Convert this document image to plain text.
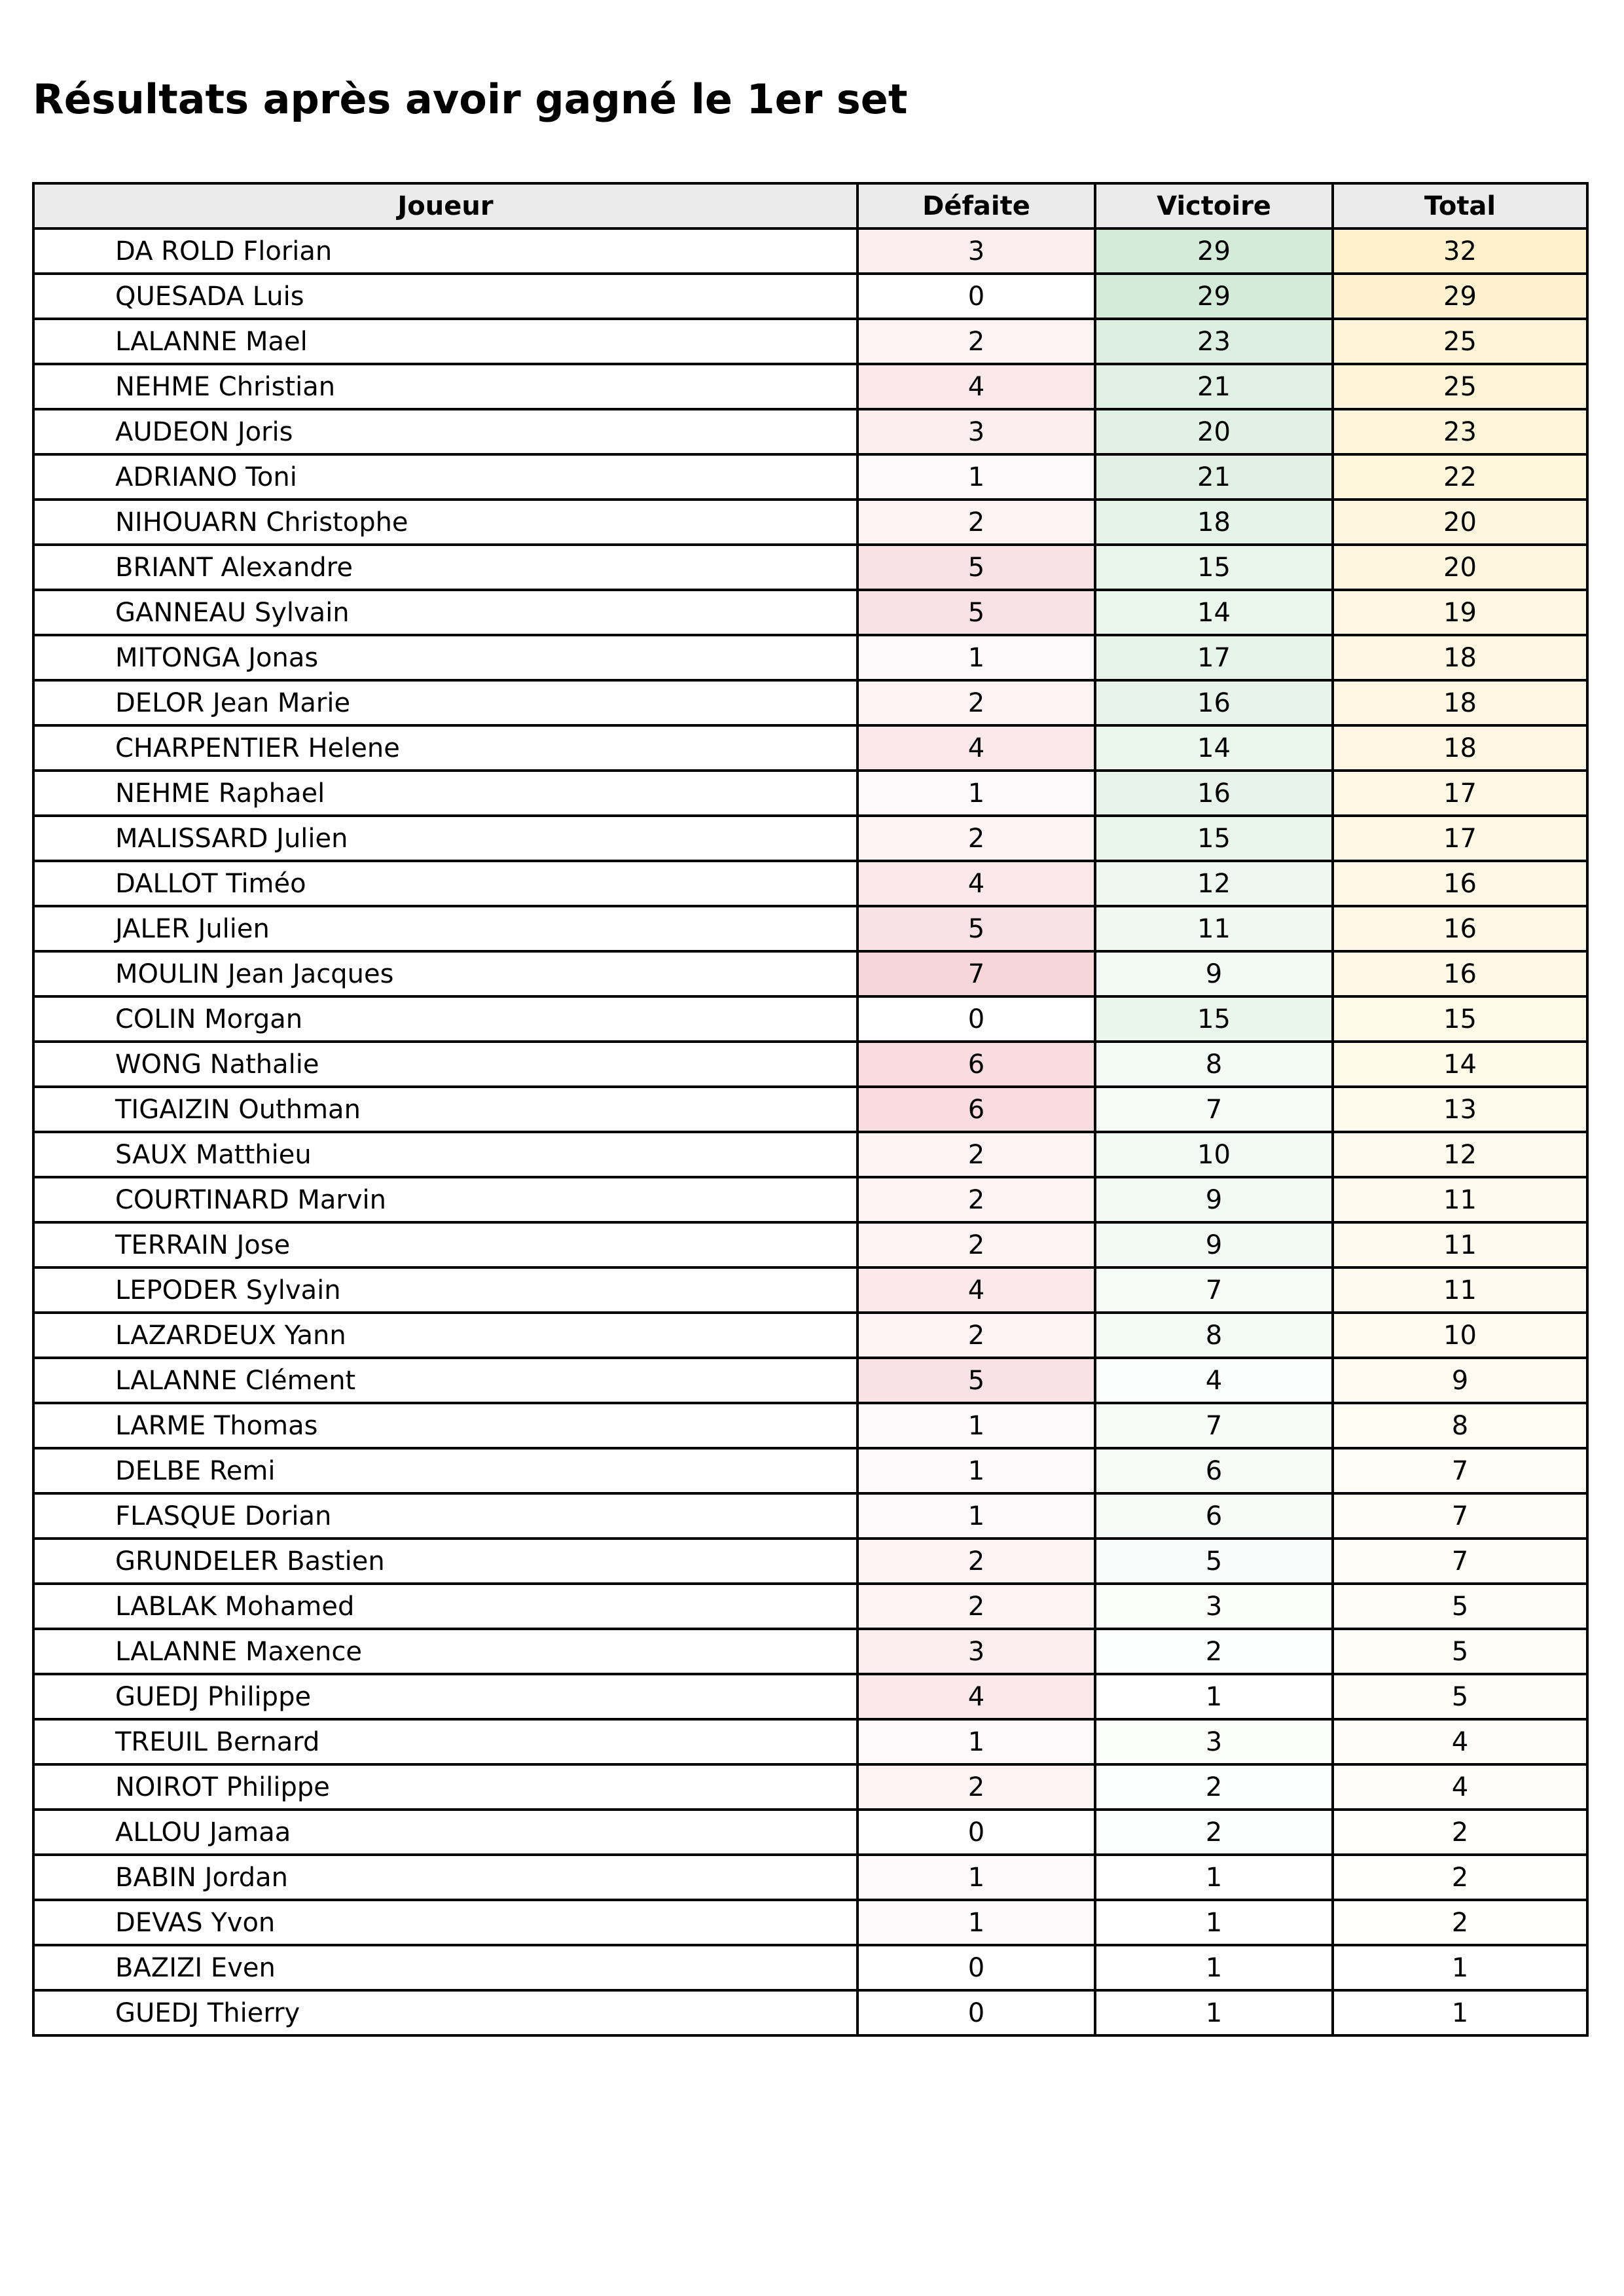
Résultats après avoir gagné le 1er set
Joueur	Défaite	Victoire	Total
DA ROLD Florian	3	29	32
QUESADA Luis	0	29	29
LALANNE Mael	2	23	25
NEHME Christian	4	21	25
AUDEON Joris	3	20	23
ADRIANO Toni	1	21	22
NIHOUARN Christophe	2	18	20
BRIANT Alexandre	5	15	20
GANNEAU Sylvain	5	14	19
MITONGA Jonas	1	17	18
DELOR Jean Marie	2	16	18
CHARPENTIER Helene	4	14	18
NEHME Raphael	1	16	17
MALISSARD Julien	2	15	17
DALLOT Timéo	4	12	16
JALER Julien	5	11	16
MOULIN Jean Jacques	7	9	16
COLIN Morgan	0	15	15
WONG Nathalie	6	8	14
TIGAIZIN Outhman	6	7	13
SAUX Matthieu	2	10	12
COURTINARD Marvin	2	9	11
TERRAIN Jose	2	9	11
LEPODER Sylvain	4	7	11
LAZARDEUX Yann	2	8	10
LALANNE Clément	5	4	9
LARME Thomas	1	7	8
DELBE Remi	1	6	7
FLASQUE Dorian	1	6	7
GRUNDELER Bastien	2	5	7
LABLAK Mohamed	2	3	5
LALANNE Maxence	3	2	5
GUEDJ Philippe	4	1	5
TREUIL Bernard	1	3	4
NOIROT Philippe	2	2	4
ALLOU Jamaa	0	2	2
BABIN Jordan	1	1	2
DEVAS Yvon	1	1	2
BAZIZI Even	0	1	1
GUEDJ Thierry	0	1	1
